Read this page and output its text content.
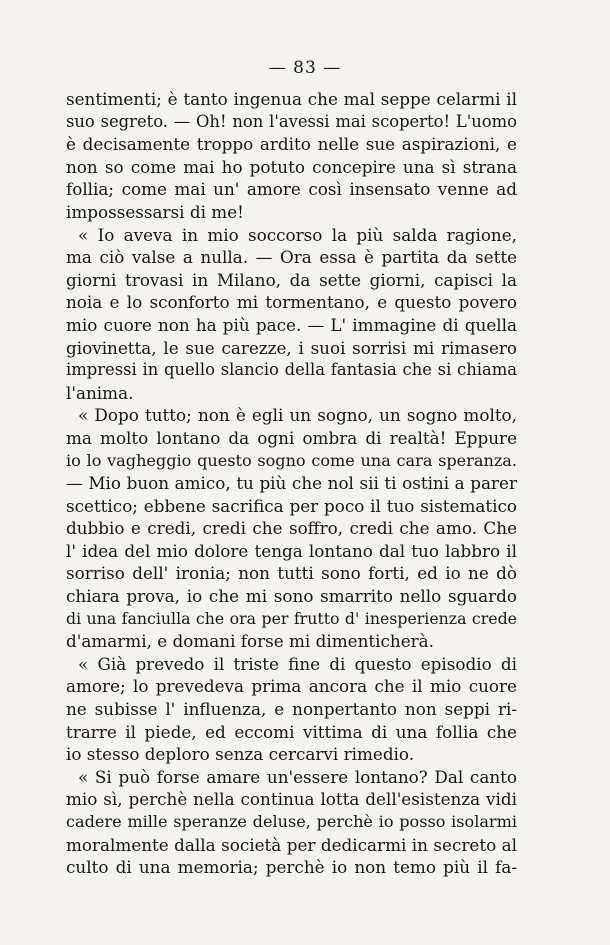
— 83 —
sentimenti; è tanto ingenua che mal seppe celarmi il
suo segreto. — Oh! non l'avessi mai scoperto! L'uomo
è decisamente troppo ardito nelle sue aspirazioni, e
non so come mai ho potuto concepire una sì strana
follia; come mai un' amore così insensato venne ad
impossessarsi di me!
« Io aveva in mio soccorso la più salda ragione,
ma ciò valse a nulla. — Ora essa è partita da sette
giorni trovasi in Milano, da sette giorni, capisci la
noia e lo sconforto mi tormentano, e questo povero
mio cuore non ha più pace. — L' immagine di quella
giovinetta, le sue carezze, i suoi sorrisi mi rimasero
impressi in quello slancio della fantasia che si chiama
l'anima.
« Dopo tutto; non è egli un sogno, un sogno molto,
ma molto lontano da ogni ombra di realtà! Eppure
io lo vagheggio questo sogno come una cara speranza.
— Mio buon amico, tu più che nol sii ti ostini a parer
scettico; ebbene sacrifica per poco il tuo sistematico
dubbio e credi, credi che soffro, credi che amo. Che
l' idea del mio dolore tenga lontano dal tuo labbro il
sorriso dell' ironia; non tutti sono forti, ed io ne dò
chiara prova, io che mi sono smarrito nello sguardo
di una fanciulla che ora per frutto d' inesperienza crede
d'amarmi, e domani forse mi dimenticherà.
« Già prevedo il triste fine di questo episodio di
amore; lo prevedeva prima ancora che il mio cuore
ne subisse l' influenza, e nonpertanto non seppi ri-
trarre il piede, ed eccomi vittima di una follia che
io stesso deploro senza cercarvi rimedio.
« Si può forse amare un'essere lontano? Dal canto
mio sì, perchè nella continua lotta dell'esistenza vidi
cadere mille speranze deluse, perchè io posso isolarmi
moralmente dalla società per dedicarmi in secreto al
culto di una memoria; perchè io non temo più il fa-
